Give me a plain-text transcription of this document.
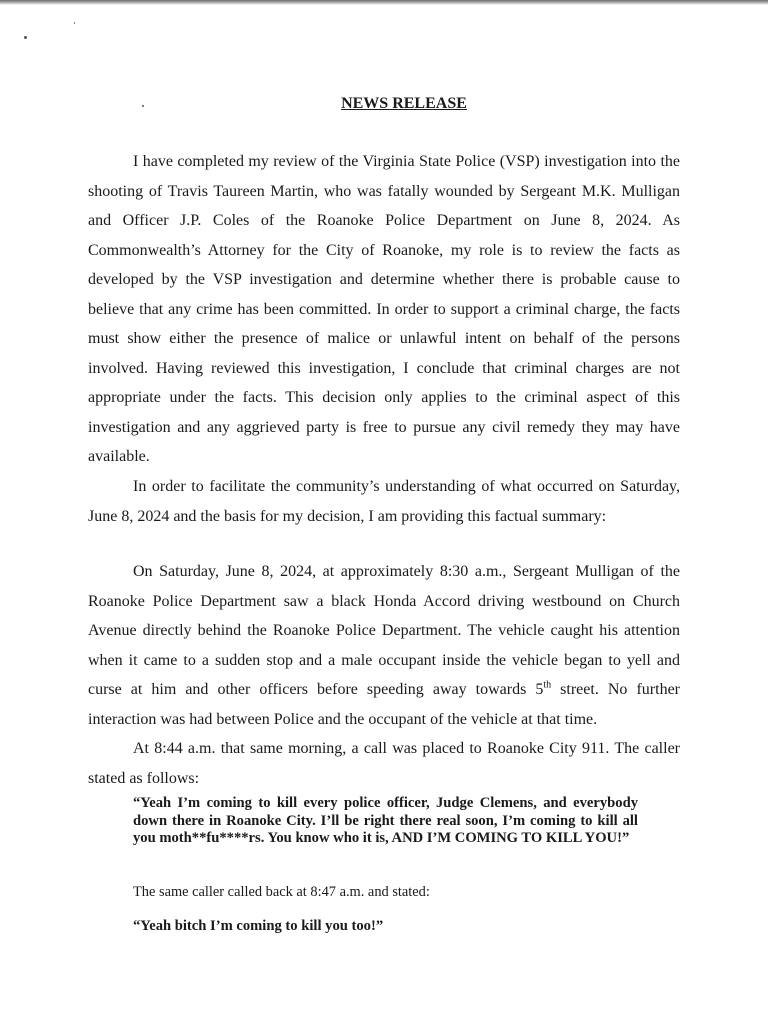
NEWS RELEASE

I have completed my review of the Virginia State Police (VSP) investigation into the shooting of Travis Taureen Martin, who was fatally wounded by Sergeant M.K. Mulligan and Officer J.P. Coles of the Roanoke Police Department on June 8, 2024. As Commonwealth’s Attorney for the City of Roanoke, my role is to review the facts as developed by the VSP investigation and determine whether there is probable cause to believe that any crime has been committed. In order to support a criminal charge, the facts must show either the presence of malice or unlawful intent on behalf of the persons involved. Having reviewed this investigation, I conclude that criminal charges are not appropriate under the facts. This decision only applies to the criminal aspect of this investigation and any aggrieved party is free to pursue any civil remedy they may have available.

In order to facilitate the community’s understanding of what occurred on Saturday, June 8, 2024 and the basis for my decision, I am providing this factual summary:

On Saturday, June 8, 2024, at approximately 8:30 a.m., Sergeant Mulligan of the Roanoke Police Department saw a black Honda Accord driving westbound on Church Avenue directly behind the Roanoke Police Department. The vehicle caught his attention when it came to a sudden stop and a male occupant inside the vehicle began to yell and curse at him and other officers before speeding away towards 5th street. No further interaction was had between Police and the occupant of the vehicle at that time.

At 8:44 a.m. that same morning, a call was placed to Roanoke City 911. The caller stated as follows:

“Yeah I’m coming to kill every police officer, Judge Clemens, and everybody down there in Roanoke City. I’ll be right there real soon, I’m coming to kill all you moth**fu****rs. You know who it is, AND I’M COMING TO KILL YOU!”

The same caller called back at 8:47 a.m. and stated:

“Yeah bitch I’m coming to kill you too!”
